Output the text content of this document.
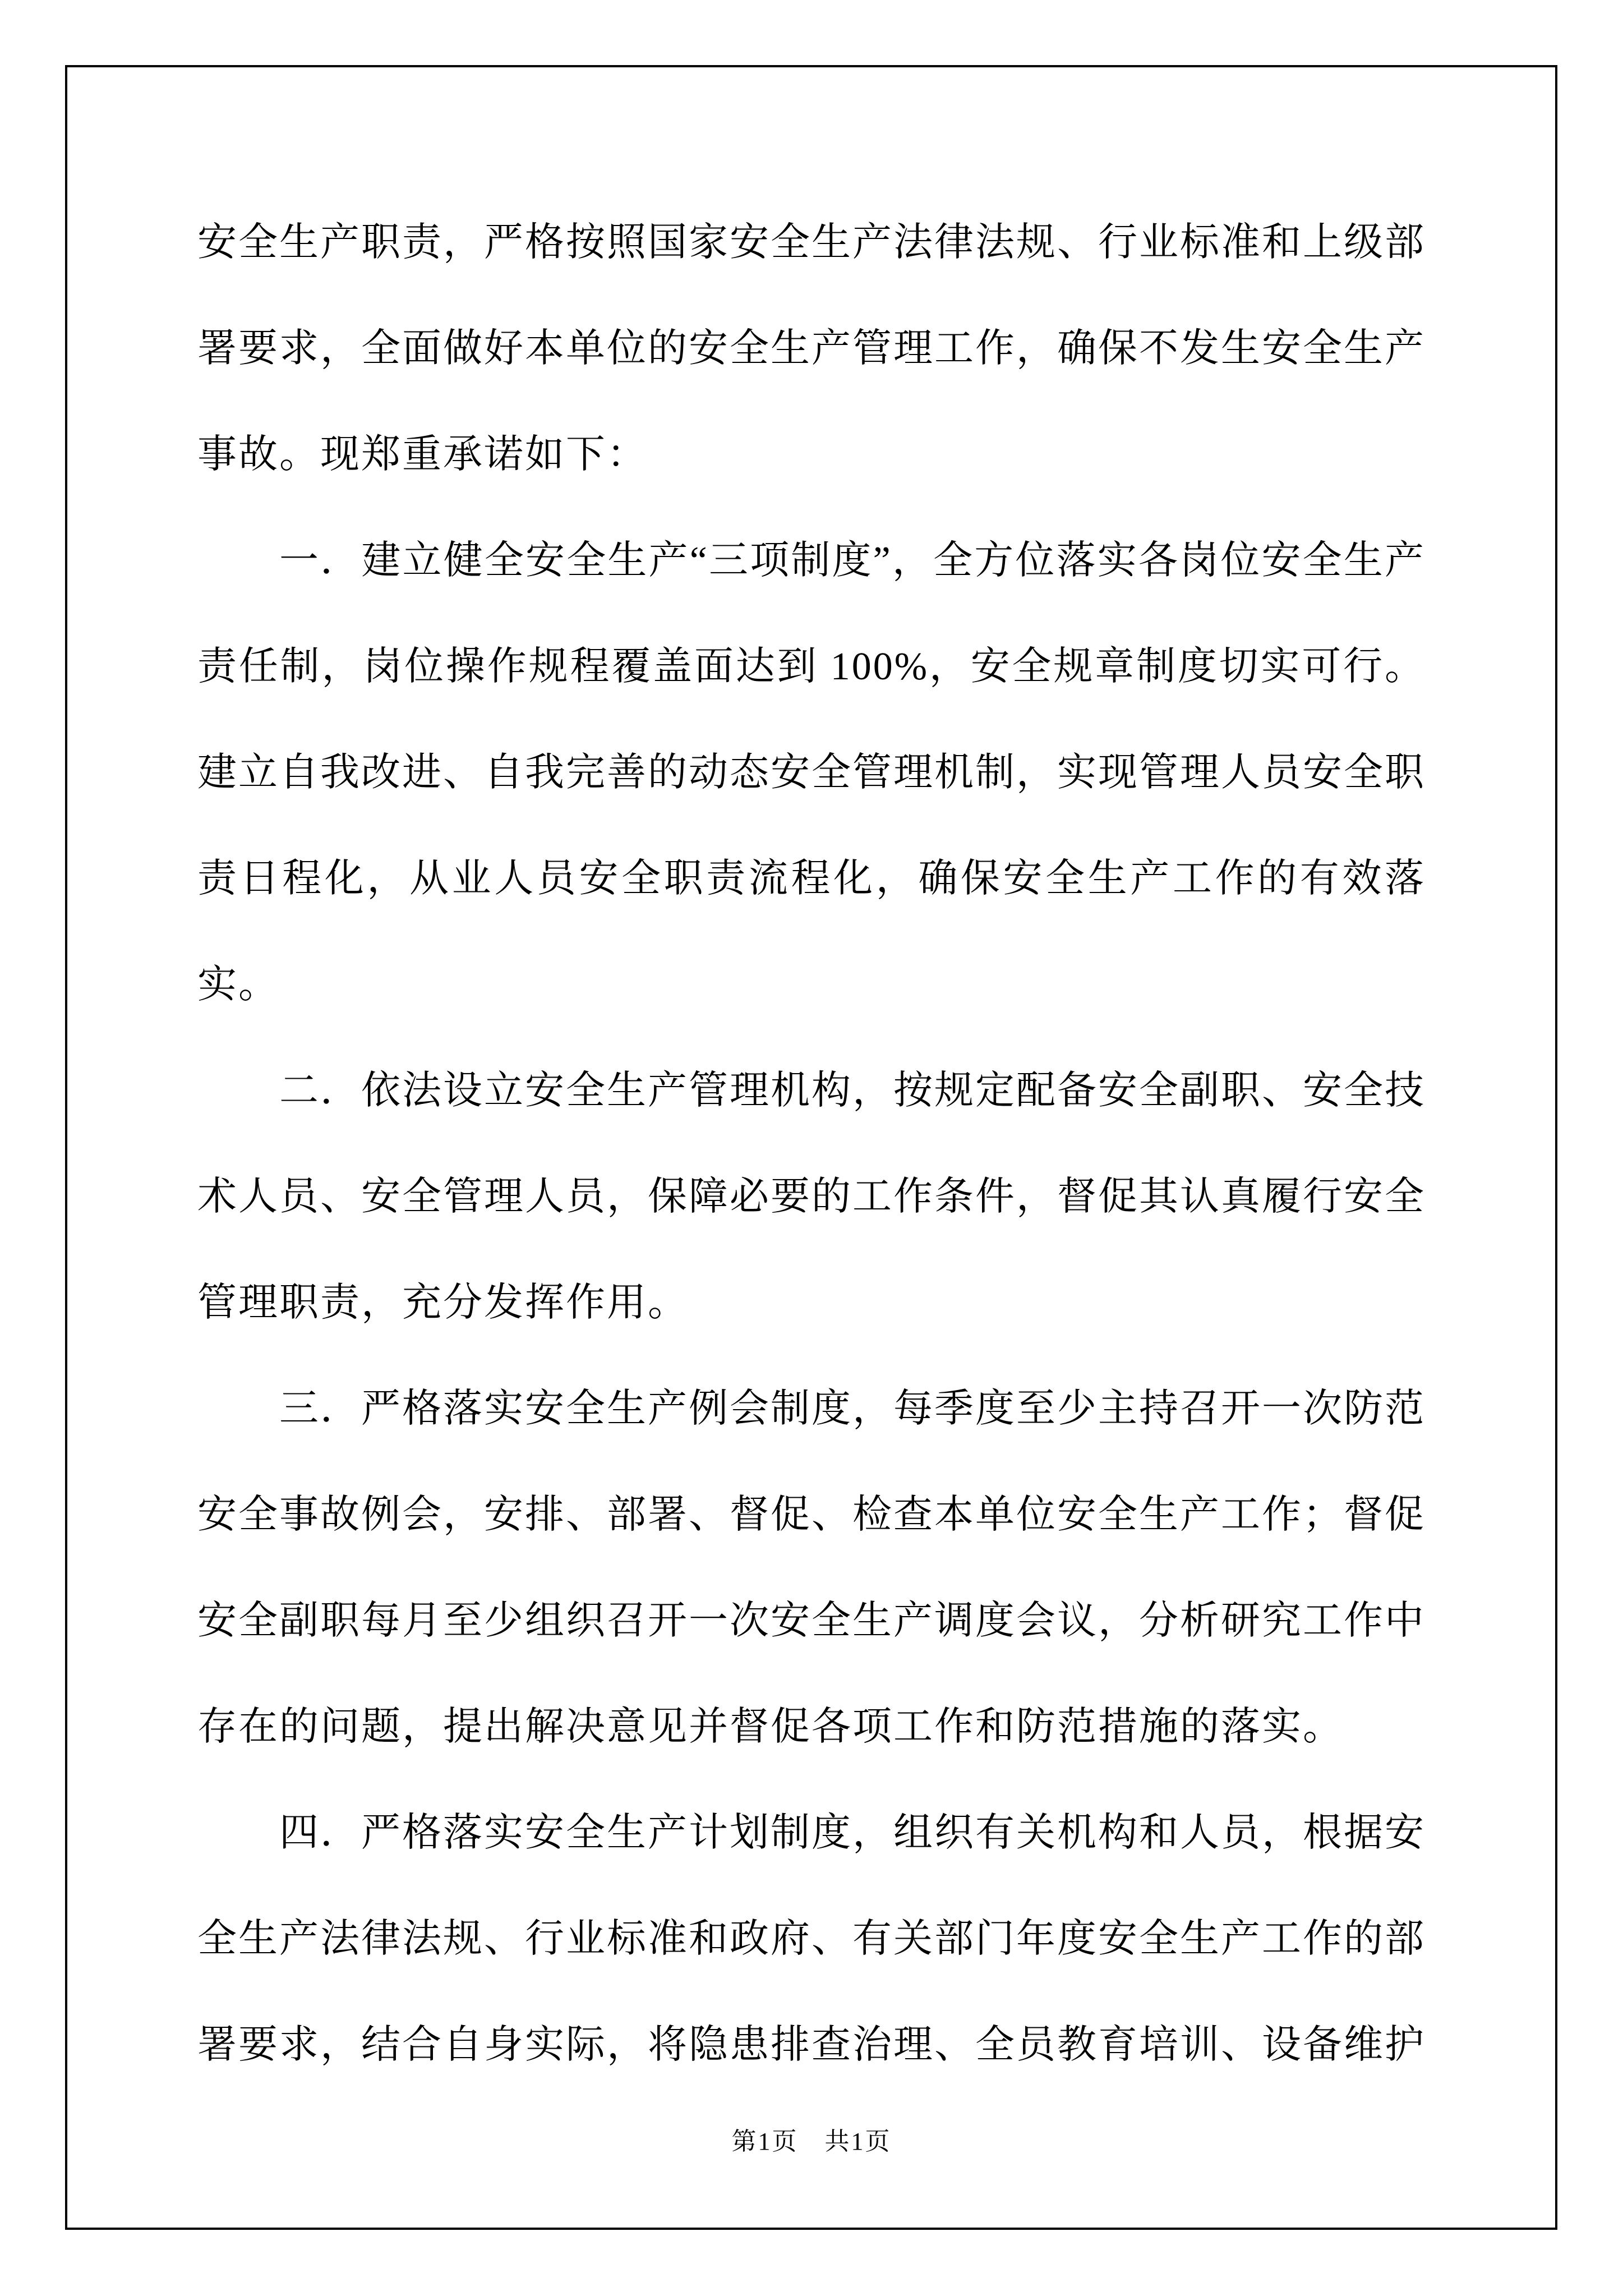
安全生产职责，严格按照国家安全生产法律法规、行业标准和上级部署要求，全面做好本单位的安全生产管理工作，确保不发生安全生产事故。现郑重承诺如下：

一．建立健全安全生产“三项制度”，全方位落实各岗位安全生产责任制，岗位操作规程覆盖面达到 100%，安全规章制度切实可行。建立自我改进、自我完善的动态安全管理机制，实现管理人员安全职责日程化，从业人员安全职责流程化，确保安全生产工作的有效落实。

二．依法设立安全生产管理机构，按规定配备安全副职、安全技术人员、安全管理人员，保障必要的工作条件，督促其认真履行安全管理职责，充分发挥作用。

三．严格落实安全生产例会制度，每季度至少主持召开一次防范安全事故例会，安排、部署、督促、检查本单位安全生产工作；督促安全副职每月至少组织召开一次安全生产调度会议，分析研究工作中存在的问题，提出解决意见并督促各项工作和防范措施的落实。

四．严格落实安全生产计划制度，组织有关机构和人员，根据安全生产法律法规、行业标准和政府、有关部门年度安全生产工作的部署要求，结合自身实际，将隐患排查治理、全员教育培训、设备维护

第1页　共1页
